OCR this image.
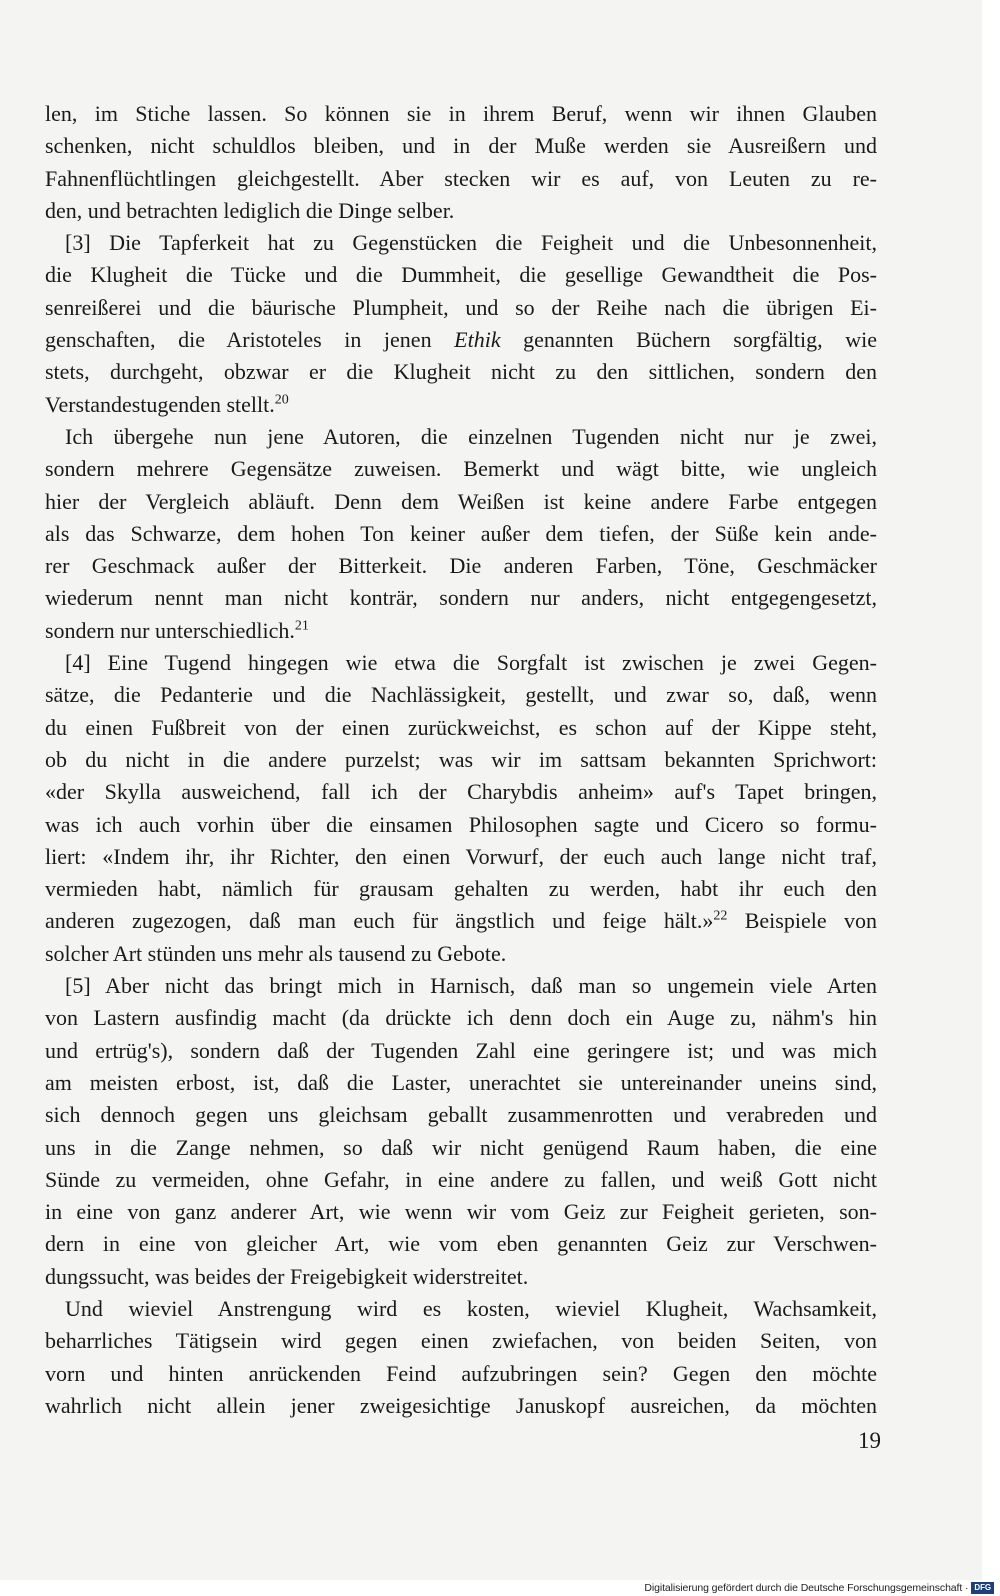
len, im Stiche lassen. So können sie in ihrem Beruf, wenn wir ihnen Glauben
schenken, nicht schuldlos bleiben, und in der Muße werden sie Ausreißern und
Fahnenflüchtlingen gleichgestellt. Aber stecken wir es auf, von Leuten zu re-
den, und betrachten lediglich die Dinge selber.
[3] Die Tapferkeit hat zu Gegenstücken die Feigheit und die Unbesonnenheit,
die Klugheit die Tücke und die Dummheit, die gesellige Gewandtheit die Pos-
senreißerei und die bäurische Plumpheit, und so der Reihe nach die übrigen Ei-
genschaften, die Aristoteles in jenen Ethik genannten Büchern sorgfältig, wie
stets, durchgeht, obzwar er die Klugheit nicht zu den sittlichen, sondern den
Verstandestugenden stellt.$^{20}$
Ich übergehe nun jene Autoren, die einzelnen Tugenden nicht nur je zwei,
sondern mehrere Gegensätze zuweisen. Bemerkt und wägt bitte, wie ungleich
hier der Vergleich abläuft. Denn dem Weißen ist keine andere Farbe entgegen
als das Schwarze, dem hohen Ton keiner außer dem tiefen, der Süße kein ande-
rer Geschmack außer der Bitterkeit. Die anderen Farben, Töne, Geschmäcker
wiederum nennt man nicht konträr, sondern nur anders, nicht entgegengesetzt,
sondern nur unterschiedlich.$^{21}$
[4] Eine Tugend hingegen wie etwa die Sorgfalt ist zwischen je zwei Gegen-
sätze, die Pedanterie und die Nachlässigkeit, gestellt, und zwar so, daß, wenn
du einen Fußbreit von der einen zurückweichst, es schon auf der Kippe steht,
ob du nicht in die andere purzelst; was wir im sattsam bekannten Sprichwort:
«der Skylla ausweichend, fall ich der Charybdis anheim» auf's Tapet bringen,
was ich auch vorhin über die einsamen Philosophen sagte und Cicero so formu-
liert: «Indem ihr, ihr Richter, den einen Vorwurf, der euch auch lange nicht traf,
vermieden habt, nämlich für grausam gehalten zu werden, habt ihr euch den
anderen zugezogen, daß man euch für ängstlich und feige hält.»$^{22}$ Beispiele von
solcher Art stünden uns mehr als tausend zu Gebote.
[5] Aber nicht das bringt mich in Harnisch, daß man so ungemein viele Arten
von Lastern ausfindig macht (da drückte ich denn doch ein Auge zu, nähm's hin
und ertrüg's), sondern daß der Tugenden Zahl eine geringere ist; und was mich
am meisten erbost, ist, daß die Laster, unerachtet sie untereinander uneins sind,
sich dennoch gegen uns gleichsam geballt zusammenrotten und verabreden und
uns in die Zange nehmen, so daß wir nicht genügend Raum haben, die eine
Sünde zu vermeiden, ohne Gefahr, in eine andere zu fallen, und weiß Gott nicht
in eine von ganz anderer Art, wie wenn wir vom Geiz zur Feigheit gerieten, son-
dern in eine von gleicher Art, wie vom eben genannten Geiz zur Verschwen-
dungssucht, was beides der Freigebigkeit widerstreitet.
Und wieviel Anstrengung wird es kosten, wieviel Klugheit, Wachsamkeit,
beharrliches Tätigsein wird gegen einen zwiefachen, von beiden Seiten, von
vorn und hinten anrückenden Feind aufzubringen sein? Gegen den möchte
wahrlich nicht allein jener zweigesichtige Januskopf ausreichen, da möchten
19
Digitalisierung gefördert durch die Deutsche Forschungsgemeinschaft · DFG
